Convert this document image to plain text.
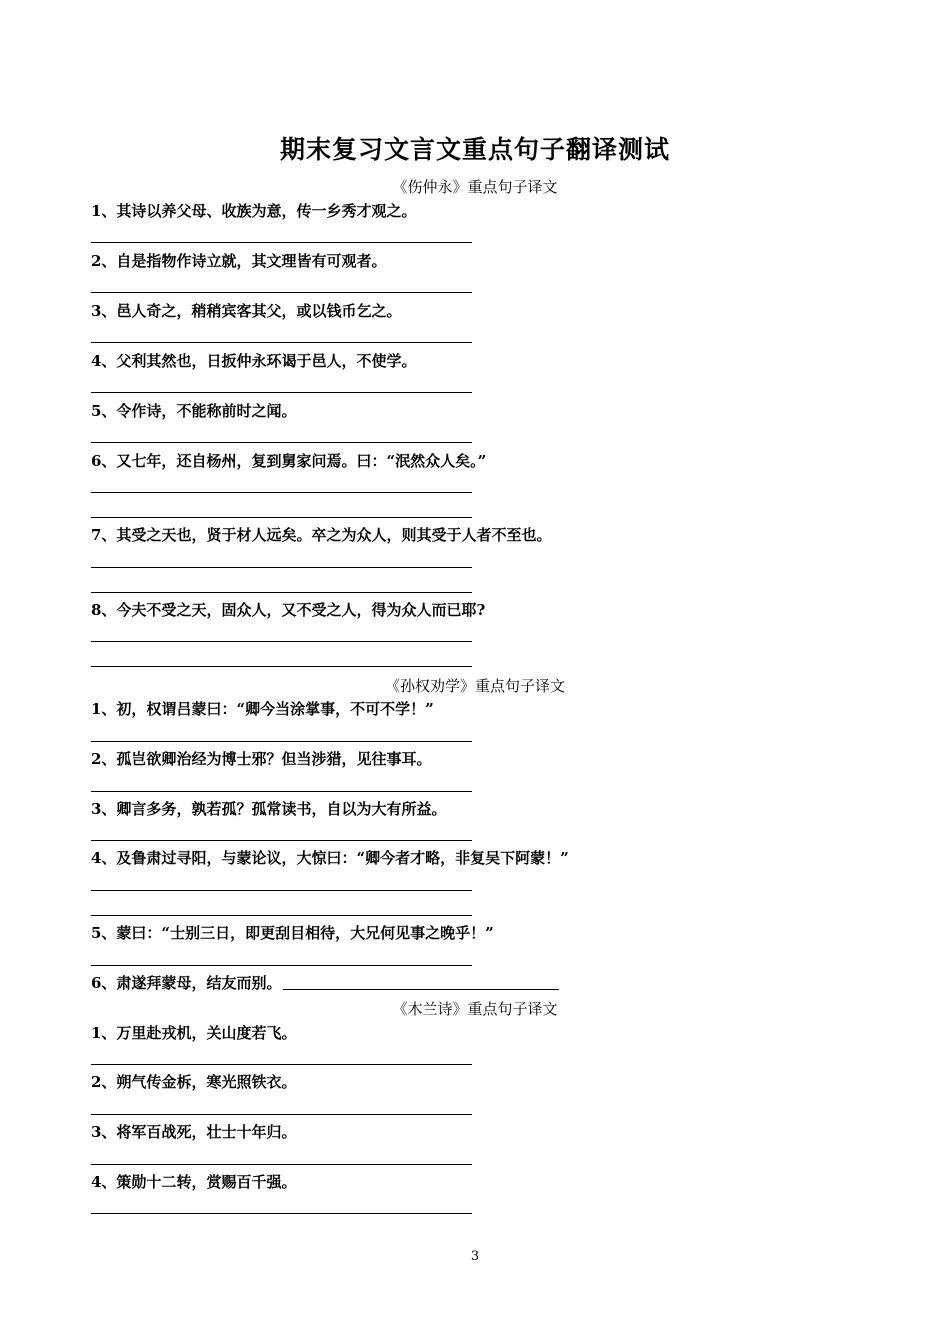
期末复习文言文重点句子翻译测试
《伤仲永》重点句子译文
1、其诗以养父母、收族为意，传一乡秀才观之。
2、自是指物作诗立就，其文理皆有可观者。
3、邑人奇之，稍稍宾客其父，或以钱币乞之。
4、父利其然也，日扳仲永环谒于邑人，不使学。
5、令作诗，不能称前时之闻。
6、又七年，还自杨州，复到舅家问焉。曰：“泯然众人矣。”
7、其受之天也，贤于材人远矣。卒之为众人，则其受于人者不至也。
8、今夫不受之天，固众人，又不受之人，得为众人而已耶?
《孙权劝学》重点句子译文
1、初，权谓吕蒙曰：“卿今当涂掌事，不可不学！”
2、孤岂欲卿治经为博士邪？但当涉猎，见往事耳。
3、卿言多务，孰若孤？孤常读书，自以为大有所益。
4、及鲁肃过寻阳，与蒙论议，大惊曰：“卿今者才略，非复吴下阿蒙！”
5、蒙曰：“士别三日，即更刮目相待，大兄何见事之晚乎！”
6、肃遂拜蒙母，结友而别。
《木兰诗》重点句子译文
1、万里赴戎机，关山度若飞。
2、朔气传金柝，寒光照铁衣。
3、将军百战死，壮士十年归。
4、策勋十二转，赏赐百千强。
3
